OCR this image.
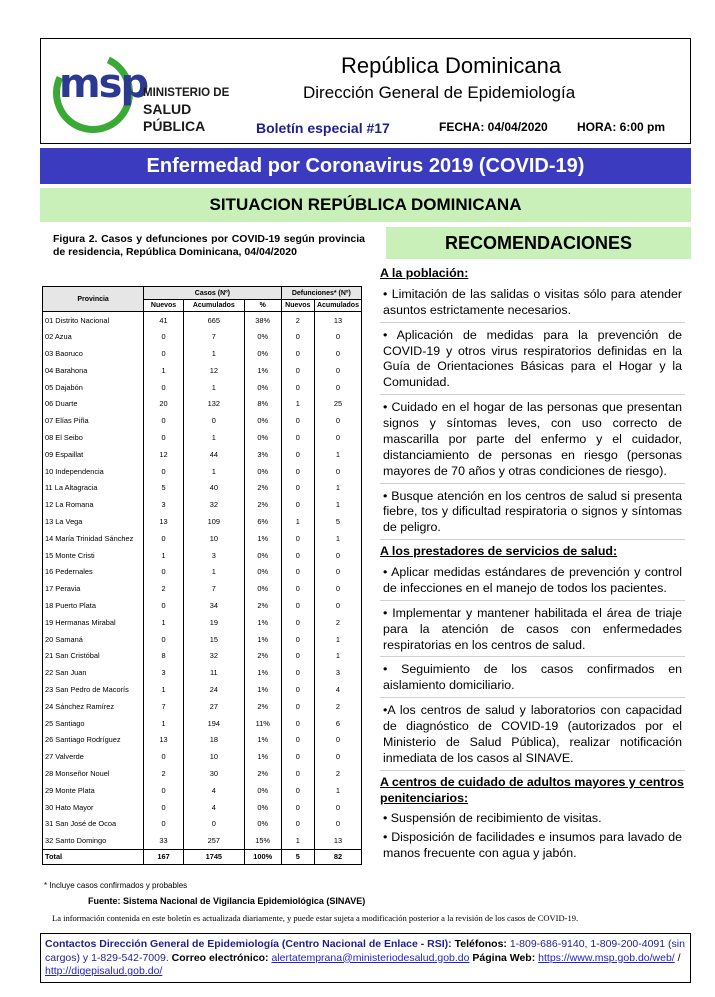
msp
MINISTERIO DE
SALUD PÚBLICA
República Dominicana
Dirección General de Epidemiología
Boletín especial #17	FECHA: 04/04/2020 HORA: 6:00 pm
Enfermedad por Coronavirus 2019 (COVID-19)
SITUACION REPÚBLICA DOMINICANA
Figura 2. Casos y defunciones por COVID-19 según provincia de residencia, República Dominicana, 04/04/2020
Provincia	Casos (Nº)			Defunciones* (Nº)	
	Nuevos	Acumulados	%	Nuevos	Acumulados
01 Distrito Nacional	41	665	38%	2	13
02 Azua	0	7	0%	0	0
03 Baoruco	0	1	0%	0	0
04 Barahona	1	12	1%	0	0
05 Dajabón	0	1	0%	0	0
06 Duarte	20	132	8%	1	25
07 Elías Piña	0	0	0%	0	0
08 El Seibo	0	1	0%	0	0
09 Espaillat	12	44	3%	0	1
10 Independencia	0	1	0%	0	0
11 La Altagracia	5	40	2%	0	1
12 La Romana	3	32	2%	0	1
13 La Vega	13	109	6%	1	5
14 María Trinidad Sánchez	0	10	1%	0	1
15 Monte Cristi	1	3	0%	0	0
16 Pedernales	0	1	0%	0	0
17 Peravia	2	7	0%	0	0
18 Puerto Plata	0	34	2%	0	0
19 Hermanas Mirabal	1	19	1%	0	2
20 Samaná	0	15	1%	0	1
21 San Cristóbal	8	32	2%	0	1
22 San Juan	3	11	1%	0	3
23 San Pedro de Macorís	1	24	1%	0	4
24 Sánchez Ramírez	7	27	2%	0	2
25 Santiago	1	194	11%	0	6
26 Santiago Rodríguez	13	18	1%	0	0
27 Valverde	0	10	1%	0	0
28 Monseñor Nouel	2	30	2%	0	2
29 Monte Plata	0	4	0%	0	1
30 Hato Mayor	0	4	0%	0	0
31 San José de Ocoa	0	0	0%	0	0
32 Santo Domingo	33	257	15%	1	13
Total	167	1745	100%	5	82
* Incluye casos confirmados y probables
Fuente: Sistema Nacional de Vigilancia Epidemiológica (SINAVE)
La información contenida en este boletín es actualizada diariamente, y puede estar sujeta a modificación posterior a la revisión de los casos de COVID-19.
RECOMENDACIONES
A la población:
• Limitación de las salidas o visitas sólo para atender asuntos estrictamente necesarios.
• Aplicación de medidas para la prevención de COVID-19 y otros virus respiratorios definidas en la Guía de Orientaciones Básicas para el Hogar y la Comunidad.
• Cuidado en el hogar de las personas que presentan signos y síntomas leves, con uso correcto de mascarilla por parte del enfermo y el cuidador, distanciamiento de personas en riesgo (personas mayores de 70 años y otras condiciones de riesgo).
• Busque atención en los centros de salud si presenta fiebre, tos y dificultad respiratoria o signos y síntomas de peligro.
A los prestadores de servicios de salud:
• Aplicar medidas estándares de prevención y control de infecciones en el manejo de todos los pacientes.
• Implementar y mantener habilitada el área de triaje para la atención de casos con enfermedades respiratorias en los centros de salud.
• Seguimiento de los casos confirmados en aislamiento domiciliario.
•A los centros de salud y laboratorios con capacidad de diagnóstico de COVID-19 (autorizados por el Ministerio de Salud Pública), realizar notificación inmediata de los casos al SINAVE.
A centros de cuidado de adultos mayores y centros penitenciarios:
• Suspensión de recibimiento de visitas.
• Disposición de facilidades e insumos para lavado de manos frecuente con agua y jabón.
Contactos Dirección General de Epidemiología (Centro Nacional de Enlace - RSI): Teléfonos: 1-809-686-9140, 1-809-200-4091 (sin cargos) y 1-829-542-7009. Correo electrónico: alertatemprana@ministeriodesalud.gob.do Página Web: https://www.msp.gob.do/web/ / http://digepisalud.gob.do/
